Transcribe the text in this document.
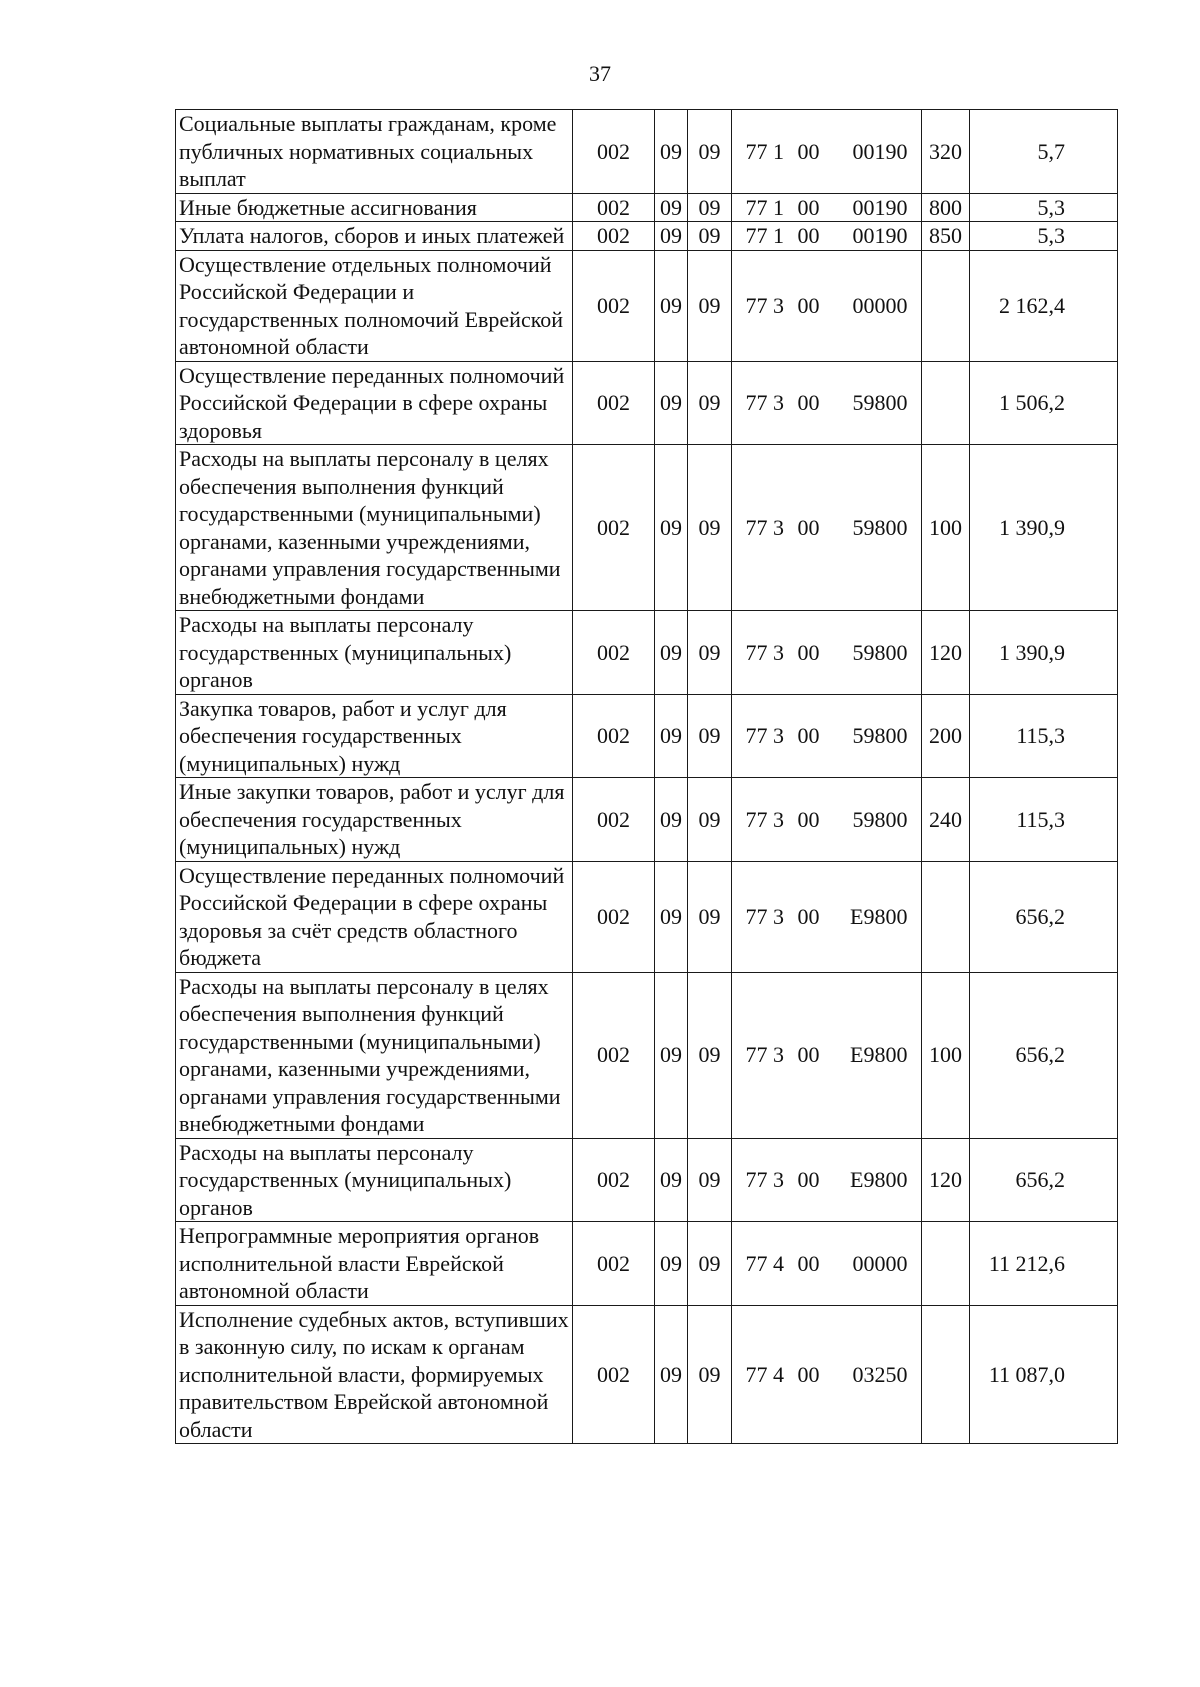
37
Социальные выплаты гражданам, кроме публичных нормативных социальных выплат	002	09	09	77 1 00 00190	320	5,7
Иные бюджетные ассигнования	002	09	09	77 1 00 00190	800	5,3
Уплата налогов, сборов и иных платежей	002	09	09	77 1 00 00190	850	5,3
Осуществление отдельных полномочий Российской Федерации и государственных полномочий Еврейской автономной области	002	09	09	77 3 00 00000		2 162,4
Осуществление переданных полномочий Российской Федерации в сфере охраны здоровья	002	09	09	77 3 00 59800		1 506,2
Расходы на выплаты персоналу в целях обеспечения выполнения функций государственными (муниципальными) органами, казенными учреждениями, органами управления государственными внебюджетными фондами	002	09	09	77 3 00 59800	100	1 390,9
Расходы на выплаты персоналу государственных (муниципальных) органов	002	09	09	77 3 00 59800	120	1 390,9
Закупка товаров, работ и услуг для обеспечения государственных (муниципальных) нужд	002	09	09	77 3 00 59800	200	115,3
Иные закупки товаров, работ и услуг для обеспечения государственных (муниципальных) нужд	002	09	09	77 3 00 59800	240	115,3
Осуществление переданных полномочий Российской Федерации в сфере охраны здоровья за счёт средств областного бюджета	002	09	09	77 3 00 Е9800		656,2
Расходы на выплаты персоналу в целях обеспечения выполнения функций государственными (муниципальными) органами, казенными учреждениями, органами управления государственными внебюджетными фондами	002	09	09	77 3 00 Е9800	100	656,2
Расходы на выплаты персоналу государственных (муниципальных) органов	002	09	09	77 3 00 Е9800	120	656,2
Непрограммные мероприятия органов исполнительной власти Еврейской автономной области	002	09	09	77 4 00 00000		11 212,6
Исполнение судебных актов, вступивших в законную силу, по искам к органам исполнительной власти, формируемых правительством Еврейской автономной области	002	09	09	77 4 00 03250		11 087,0
